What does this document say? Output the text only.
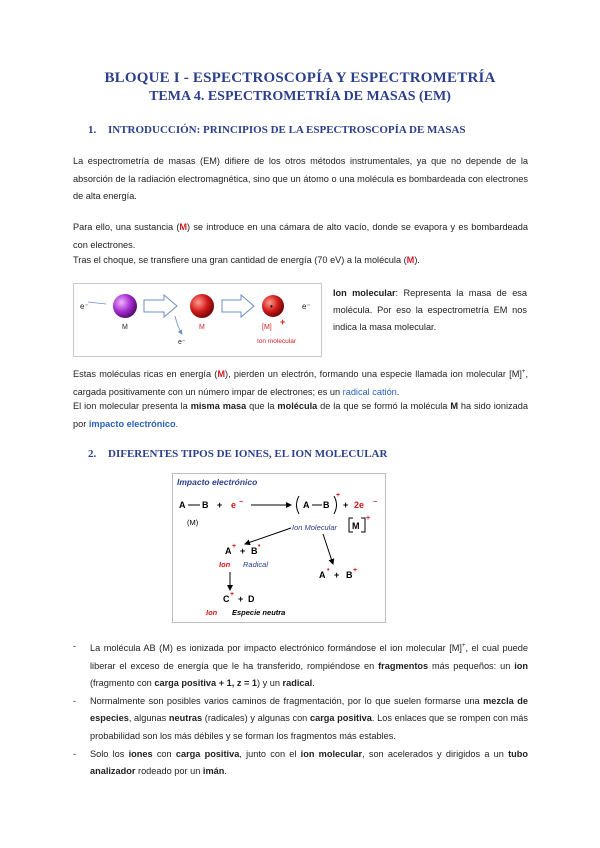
BLOQUE I - ESPECTROSCOPÍA Y ESPECTROMETRÍA
TEMA 4. ESPECTROMETRÍA DE MASAS (EM)
1. INTRODUCCIÓN: PRINCIPIOS DE LA ESPECTROSCOPÍA DE MASAS
La espectrometría de masas (EM) difiere de los otros métodos instrumentales, ya que no depende de la absorción de la radiación electromagnética, sino que un átomo o una molécula es bombardeada con electrones de alta energía.
Para ello, una sustancia (M) se introduce en una cámara de alto vacío, donde se evapora y es bombardeada con electrones.
Tras el choque, se transfiere una gran cantidad de energía (70 eV) a la molécula (M).
e⁻
M	M
e⁻
•
[M]
+
Ion molecular
e⁻
Ion molecular: Representa la masa de esa molécula. Por eso la espectrometría EM nos indica la masa molecular.
Estas moléculas ricas en energía (M), pierden un electrón, formando una especie llamada ion molecular [M]+, cargada positivamente con un número impar de electrones; es un radical catión.
El ion molecular presenta la misma masa que la molécula de la que se formó la molécula M ha sido ionizada por impacto electrónico.
2. DIFERENTES TIPOS DE IONES, EL ION MOLECULAR
Impacto electrónico
A B + e −
(M)
A B
+
+ 2e −
Ion Molecular M
+
A + + B •
Ion Radical
A • + B +
C + + D
Ion Especie neutra
- La molécula AB (M) es ionizada por impacto electrónico formándose el ion molecular [M]+, el cual puede liberar el exceso de energía que le ha transferido, rompiéndose en fragmentos más pequeños: un ion (fragmento con carga positiva + 1, z = 1) y un radical.
- Normalmente son posibles varios caminos de fragmentación, por lo que suelen formarse una mezcla de especies, algunas neutras (radicales) y algunas con carga positiva. Los enlaces que se rompen con más probabilidad son los más débiles y se forman los fragmentos más estables.
- Solo los iones con carga positiva, junto con el ion molecular, son acelerados y dirigidos a un tubo analizador rodeado por un imán.
